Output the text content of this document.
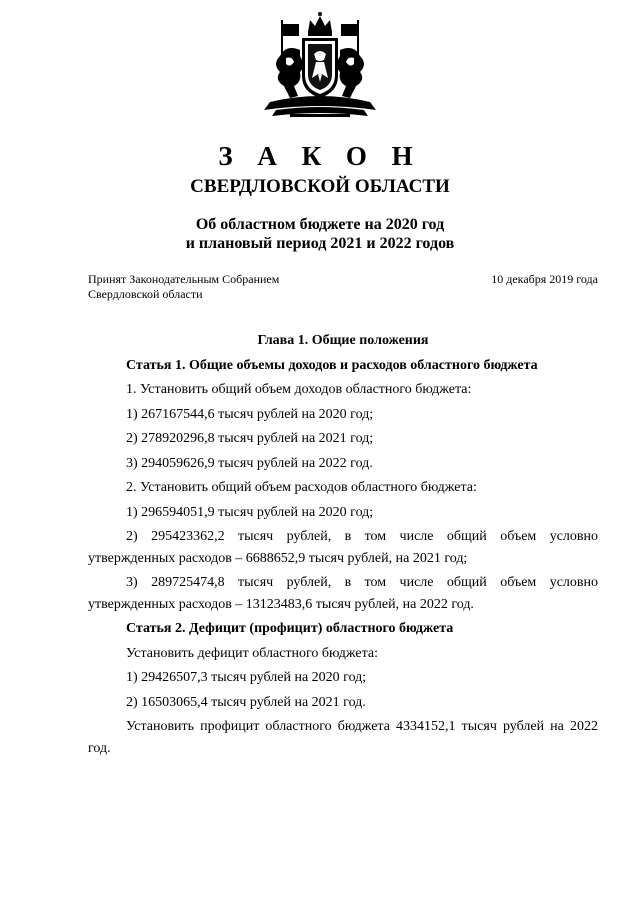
З А К О Н
СВЕРДЛОВСКОЙ ОБЛАСТИ
Об областном бюджете на 2020 год
и плановый период 2021 и 2022 годов
Принят Законодательным Собранием
Свердловской области
10 декабря 2019 года

Глава 1. Общие положения

Статья 1. Общие объемы доходов и расходов областного бюджета

1. Установить общий объем доходов областного бюджета:

1) 267167544,6 тысяч рублей на 2020 год;

2) 278920296,8 тысяч рублей на 2021 год;

3) 294059626,9 тысяч рублей на 2022 год.

2. Установить общий объем расходов областного бюджета:

1) 296594051,9 тысяч рублей на 2020 год;

2) 295423362,2 тысяч рублей, в том числе общий объем условно утвержденных расходов – 6688652,9 тысяч рублей, на 2021 год;

3) 289725474,8 тысяч рублей, в том числе общий объем условно утвержденных расходов – 13123483,6 тысяч рублей, на 2022 год.

Статья 2. Дефицит (профицит) областного бюджета

Установить дефицит областного бюджета:

1) 29426507,3 тысяч рублей на 2020 год;

2) 16503065,4 тысяч рублей на 2021 год.

Установить профицит областного бюджета 4334152,1 тысяч рублей на 2022 год.
